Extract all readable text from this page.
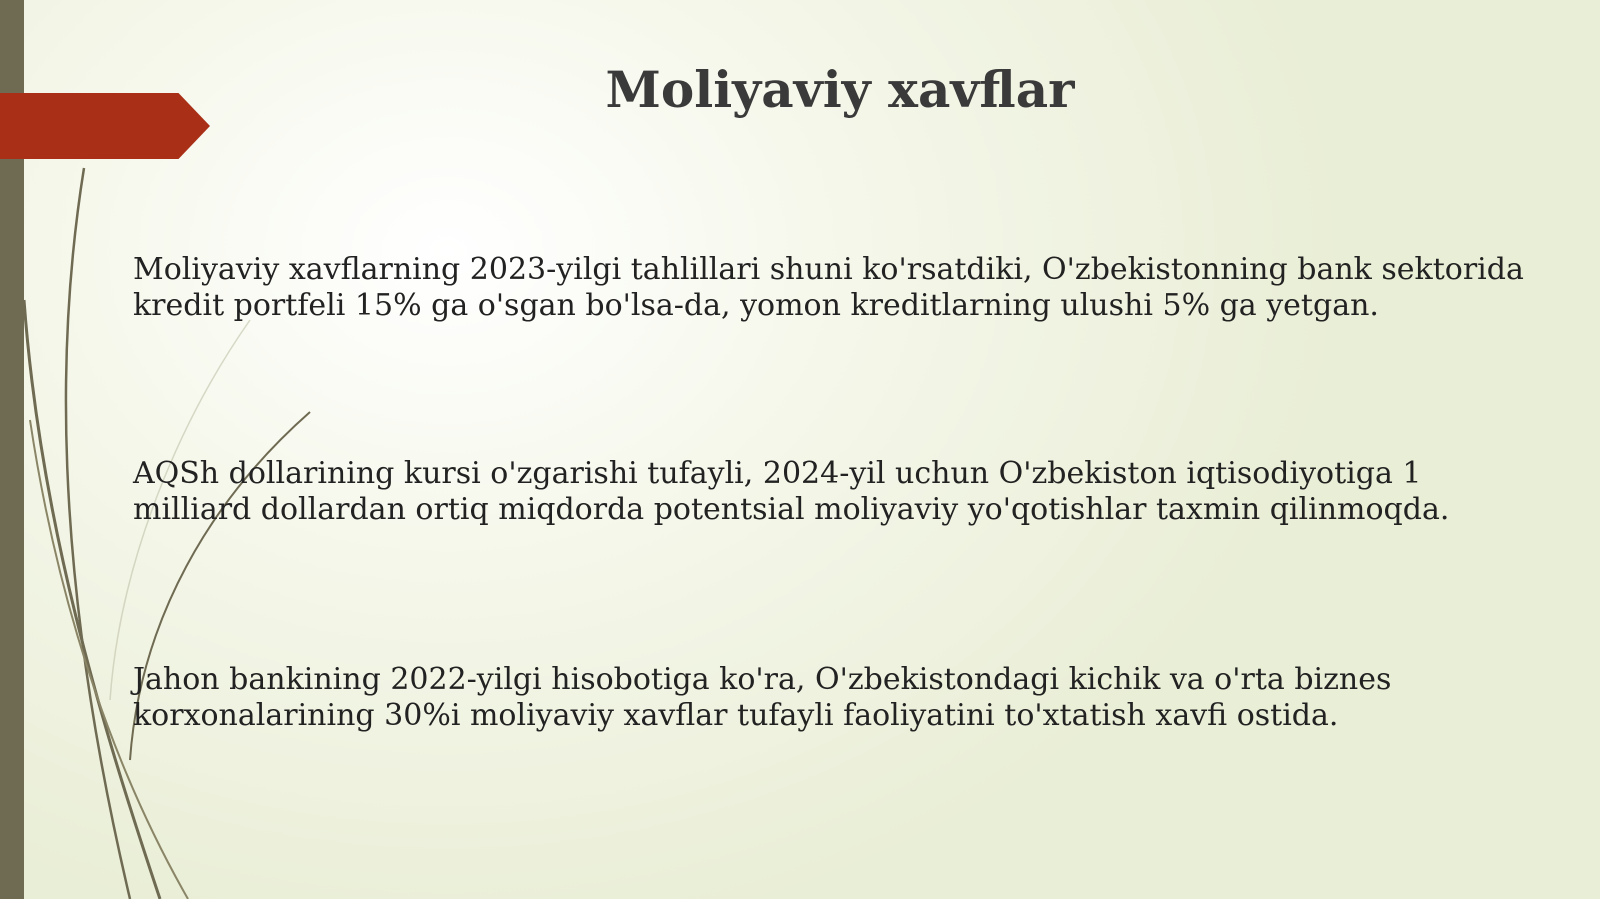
Moliyaviy xavflar

Moliyaviy xavflarning 2023-yilgi tahlillari shuni ko'rsatdiki, O'zbekistonning bank sektorida kredit portfeli 15% ga o'sgan bo'lsa-da, yomon kreditlarning ulushi 5% ga yetgan.

AQSh dollarining kursi o'zgarishi tufayli, 2024-yil uchun O'zbekiston iqtisodiyotiga 1 milliard dollardan ortiq miqdorda potentsial moliyaviy yo'qotishlar taxmin qilinmoqda.

Jahon bankining 2022-yilgi hisobotiga ko'ra, O'zbekistondagi kichik va o'rta biznes korxonalarining 30%i moliyaviy xavflar tufayli faoliyatini to'xtatish xavfi ostida.
